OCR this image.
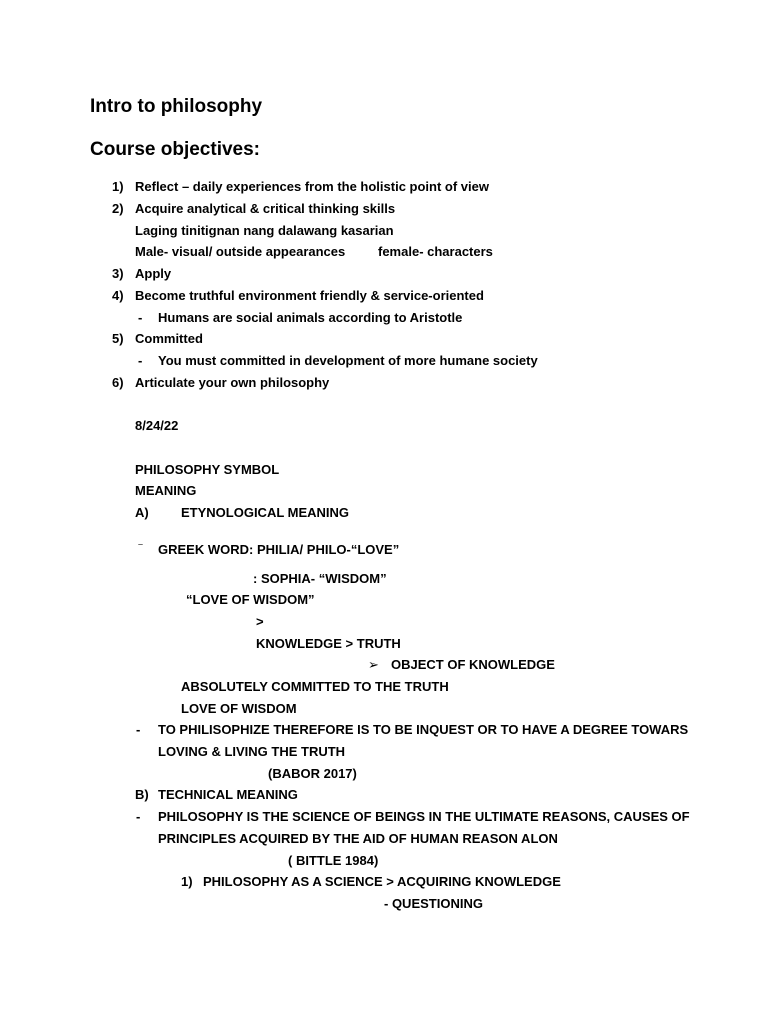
Intro to philosophy
Course objectives:
1) Reflect – daily experiences from the holistic point of view
2) Acquire analytical & critical thinking skills
Laging tinitignan nang dalawang kasarian
Male- visual/ outside appearances	female- characters
3) Apply
4) Become truthful environment friendly & service-oriented
- Humans are social animals according to Aristotle
5) Committed
- You must committed in development of more humane society
6) Articulate your own philosophy
8/24/22
PHILOSOPHY SYMBOL
MEANING
A) ETYNOLOGICAL MEANING
– GREEK WORD: PHILIA/ PHILO-“LOVE”
: SOPHIA- “WISDOM”
“LOVE OF WISDOM”
>
KNOWLEDGE > TRUTH
➢ OBJECT OF KNOWLEDGE
ABSOLUTELY COMMITTED TO THE TRUTH
LOVE OF WISDOM
- TO PHILISOPHIZE THEREFORE IS TO BE INQUEST OR TO HAVE A DEGREE TOWARS
LOVING & LIVING THE TRUTH
(BABOR 2017)
B) TECHNICAL MEANING
- PHILOSOPHY IS THE SCIENCE OF BEINGS IN THE ULTIMATE REASONS, CAUSES OF
PRINCIPLES ACQUIRED BY THE AID OF HUMAN REASON ALON
( BITTLE 1984)
1) PHILOSOPHY AS A SCIENCE > ACQUIRING KNOWLEDGE
- QUESTIONING
